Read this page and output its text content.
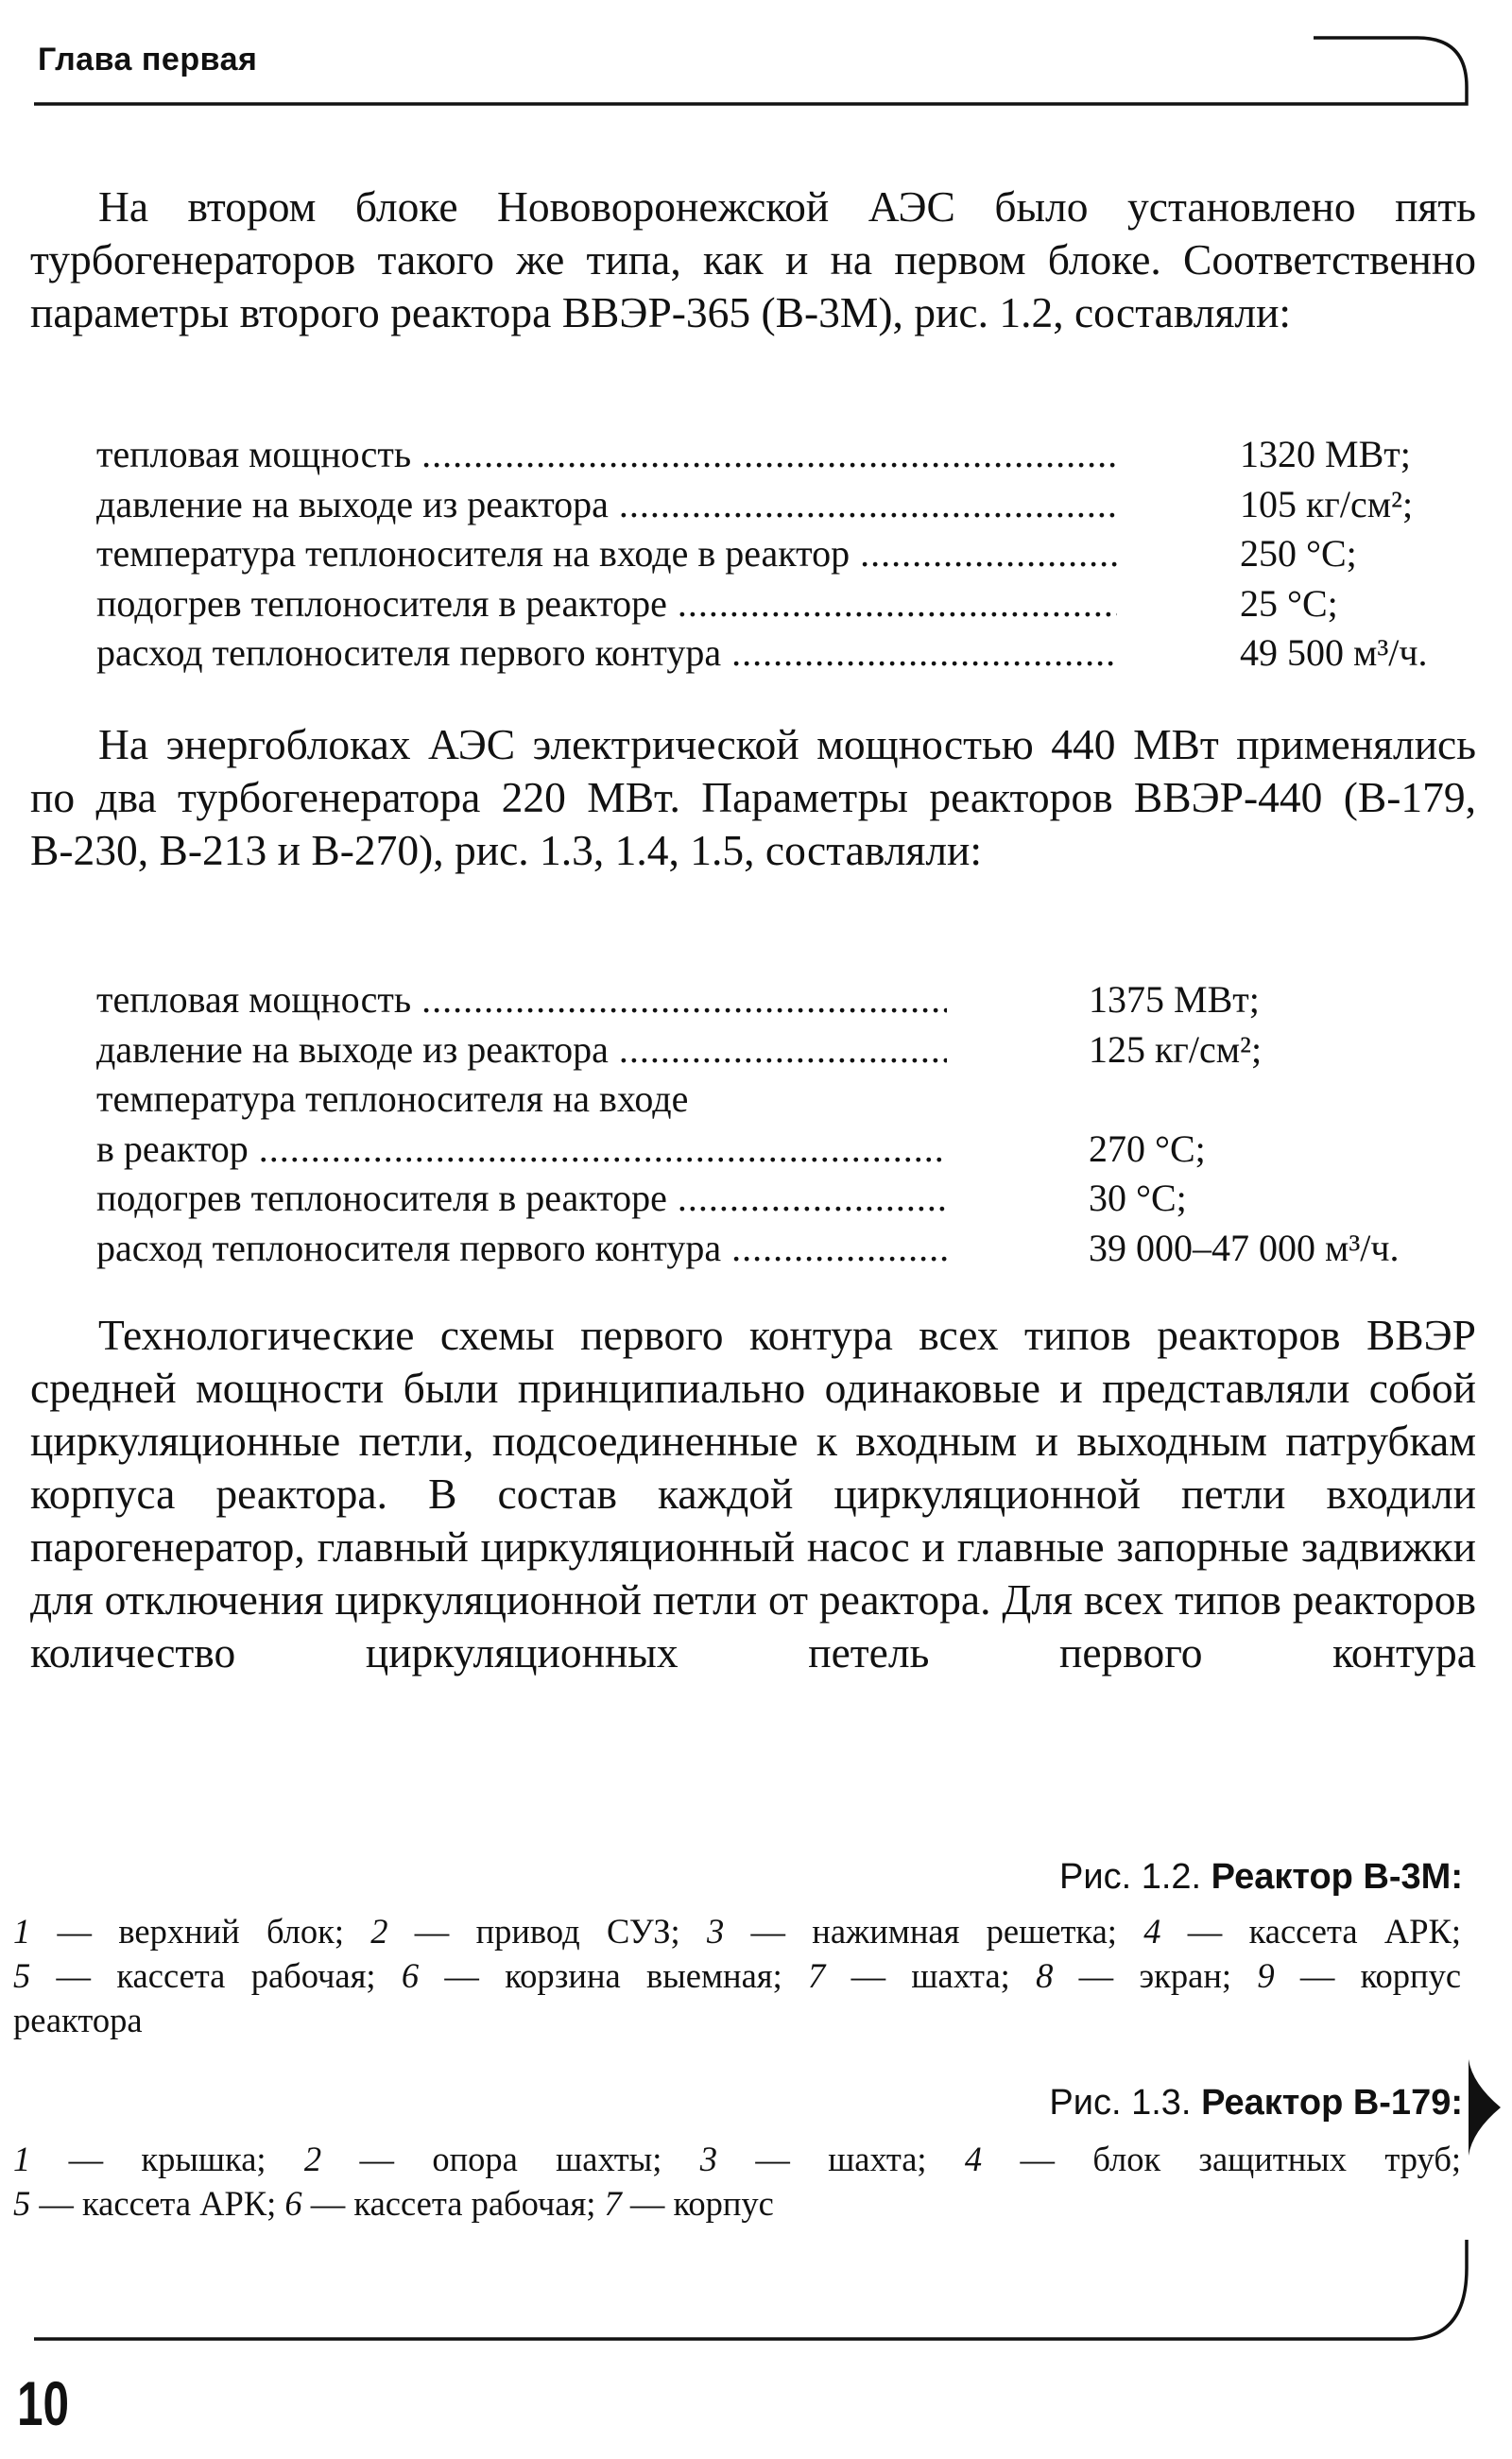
Глава первая

На втором блоке Нововоронежской АЭС было установлено пять турбогенераторов такого же типа, как и на первом блоке. Соответственно параметры второго реактора ВВЭР-365 (В-3М), рис. 1.2, составляли:

тепловая мощность .....	1320 МВт;
давление на выходе из реактора .....	105 кг/см²;
температура теплоносителя на входе в реактор .....	250 °С;
подогрев теплоносителя в реакторе .....	25 °С;
расход теплоносителя первого контура .....	49 500 м³/ч.

На энергоблоках АЭС электрической мощностью 440 МВт применялись по два турбогенератора 220 МВт. Параметры реакторов ВВЭР-440 (В-179, В-230, В-213 и В-270), рис. 1.3, 1.4, 1.5, составляли:

тепловая мощность .....	1375 МВт;
давление на выходе из реактора .....	125 кг/см²;
температура теплоносителя на входе
в реактор .....	270 °С;
подогрев теплоносителя в реакторе .....	30 °С;
расход теплоносителя первого контура .....	39 000–47 000 м³/ч.

Технологические схемы первого контура всех типов реакторов ВВЭР средней мощности были принципиально одинаковые и представляли собой циркуляционные петли, подсоединенные к входным и выходным патрубкам корпуса реактора. В состав каждой циркуляционной петли входили парогенератор, главный циркуляционный насос и главные запорные задвижки для отключения циркуляционной петли от реактора. Для всех типов реакторов количество циркуляционных петель первого контура

Рис. 1.2. Реактор В-3М:

1 — верхний блок; 2 — привод СУЗ; 3 — нажимная решетка; 4 — кассета АРК;
5 — кассета рабочая; 6 — корзина выемная; 7 — шахта; 8 — экран; 9 — корпус
реактора

Рис. 1.3. Реактор В-179:

1 — крышка; 2 — опора шахты; 3 — шахта; 4 — блок защитных труб;
5 — кассета АРК; 6 — кассета рабочая; 7 — корпус

10
